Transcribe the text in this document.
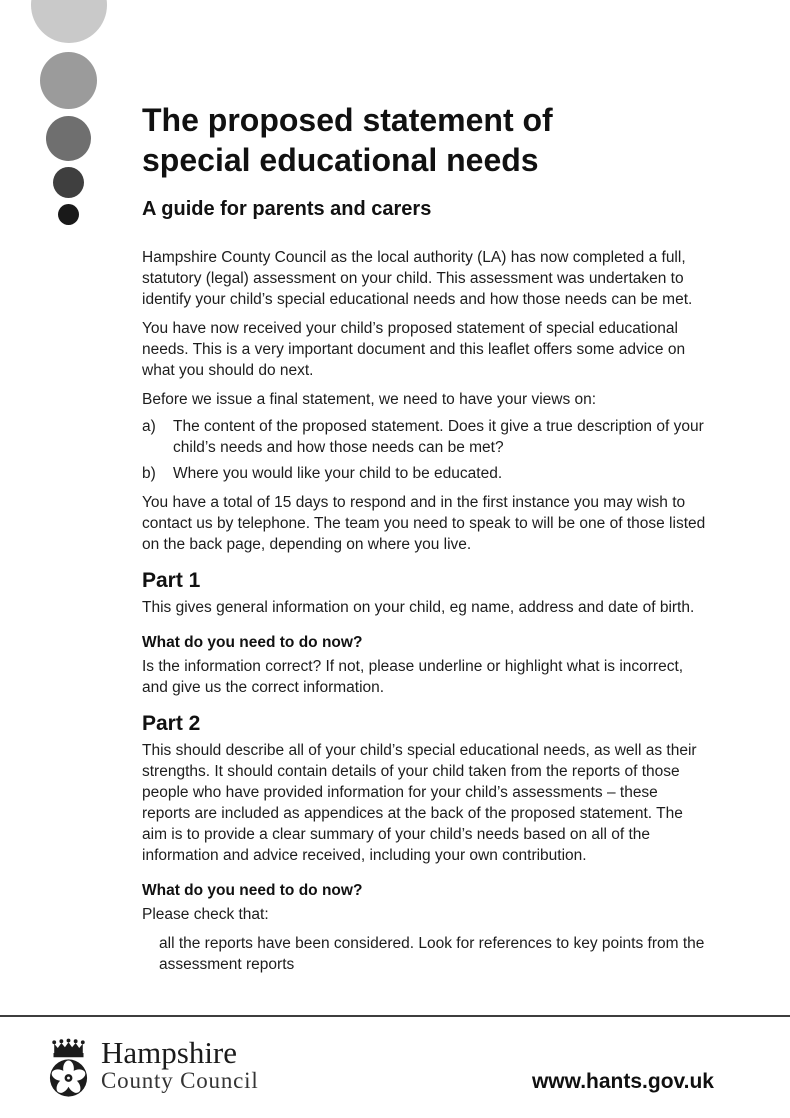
The proposed statement of
special educational needs
A guide for parents and carers

Hampshire County Council as the local authority (LA) has now completed a full, statutory (legal) assessment on your child. This assessment was undertaken to identify your child’s special educational needs and how those needs can be met.

You have now received your child’s proposed statement of special educational needs. This is a very important document and this leaflet offers some advice on what you should do next.

Before we issue a final statement, we need to have your views on:

a)	The content of the proposed statement. Does it give a true description of your child’s needs and how those needs can be met?
b)	Where you would like your child to be educated.

You have a total of 15 days to respond and in the first instance you may wish to contact us by telephone. The team you need to speak to will be one of those listed on the back page, depending on where you live.

Part 1

This gives general information on your child, eg name, address and date of birth.

What do you need to do now?

Is the information correct? If not, please underline or highlight what is incorrect, and give us the correct information.

Part 2

This should describe all of your child’s special educational needs, as well as their strengths. It should contain details of your child taken from the reports of those people who have provided information for your child’s assessments – these reports are included as appendices at the back of the proposed statement. The aim is to provide a clear summary of your child’s needs based on all of the information and advice received, including your own contribution.

What do you need to do now?

Please check that:

all the reports have been considered. Look for references to key points from the assessment reports

Hampshire
County Council	www.hants.gov.uk
